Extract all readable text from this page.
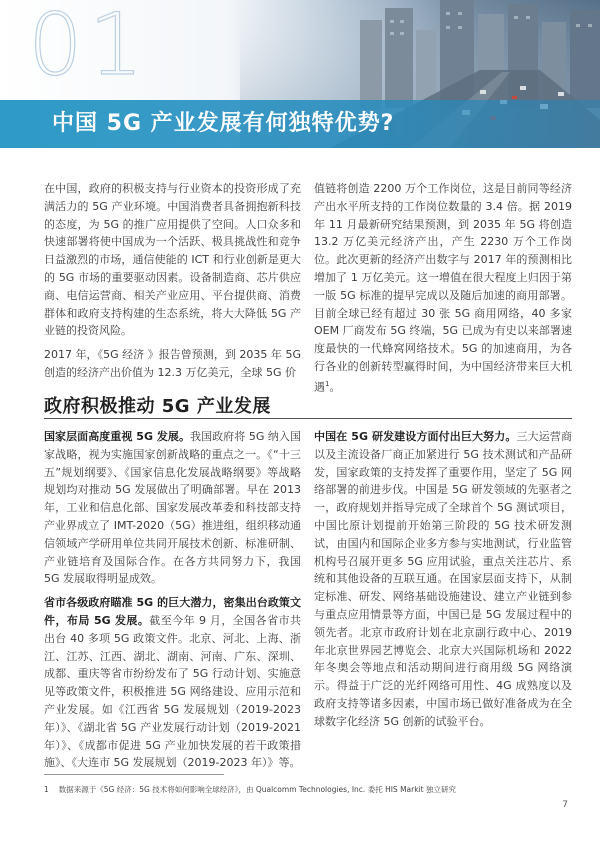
01
中国 5G 产业发展有何独特优势?

在中国，政府的积极支持与行业资本的投资形成了充满活力的 5G 产业环境。中国消费者具备拥抱新科技的态度，为 5G 的推广应用提供了空间。人口众多和快速部署将使中国成为一个活跃、极具挑战性和竞争日益激烈的市场，通信使能的 ICT 和行业创新是更大的 5G 市场的重要驱动因素。设备制造商、芯片供应商、电信运营商、相关产业应用、平台提供商、消费群体和政府支持构建的生态系统，将大大降低 5G 产业链的投资风险。

2017 年，《5G 经济 》报告曾预测，到 2035 年 5G 创造的经济产出价值为 12.3 万亿美元，全球 5G 价

值链将创造 2200 万个工作岗位，这是目前同等经济产出水平所支持的工作岗位数量的 3.4 倍。据 2019 年 11 月最新研究结果预测，到 2035 年 5G 将创造 13.2 万亿美元经济产出，产生 2230 万个工作岗位。此次更新的经济产出数字与 2017 年的预测相比增加了 1 万亿美元。这一增值在很大程度上归因于第一版 5G 标准的提早完成以及随后加速的商用部署。目前全球已经有超过 30 张 5G 商用网络，40 多家 OEM 厂商发布 5G 终端，5G 已成为有史以来部署速度最快的一代蜂窝网络技术。5G 的加速商用，为各行各业的创新转型赢得时间，为中国经济带来巨大机遇$^1$。

政府积极推动 5G 产业发展

国家层面高度重视 5G 发展。我国政府将 5G 纳入国家战略，视为实施国家创新战略的重点之一。《“十三五”规划纲要》、《国家信息化发展战略纲要》等战略规划均对推动 5G 发展做出了明确部署。早在 2013 年，工业和信息化部、国家发展改革委和科技部支持产业界成立了 IMT-2020（5G）推进组，组织移动通信领域产学研用单位共同开展技术创新、标准研制、产业链培育及国际合作。在各方共同努力下，我国 5G 发展取得明显成效。

省市各级政府瞄准 5G 的巨大潜力，密集出台政策文件，布局 5G 发展。截至今年 9 月，全国各省市共出台 40 多项 5G 政策文件。北京、河北、上海、浙江、江苏、江西、湖北、湖南、河南、广东、深圳、成都、重庆等省市纷纷发布了 5G 行动计划、实施意见等政策文件，积极推进 5G 网络建设、应用示范和产业发展。如《江西省 5G 发展规划（2019-2023 年）》、《湖北省 5G 产业发展行动计划（2019-2021 年）》、《成都市促进 5G 产业加快发展的若干政策措施》、《大连市 5G 发展规划（2019-2023 年）》等。

中国在 5G 研发建设方面付出巨大努力。三大运营商以及主流设备厂商正加紧进行 5G 技术测试和产品研发，国家政策的支持发挥了重要作用，坚定了 5G 网络部署的前进步伐。中国是 5G 研发领域的先驱者之一，政府规划并指导完成了全球首个 5G 测试项目，中国比原计划提前开始第三阶段的 5G 技术研发测试，由国内和国际企业多方参与实地测试，行业监管机构号召展开更多 5G 应用试验，重点关注芯片、系统和其他设备的互联互通。在国家层面支持下，从制定标准、研发、网络基础设施建设、建立产业链到参与重点应用情景等方面，中国已是 5G 发展过程中的领先者。北京市政府计划在北京副行政中心、2019 年北京世界园艺博览会、北京大兴国际机场和 2022 年冬奥会等地点和活动期间进行商用级 5G 网络演示。得益于广泛的光纤网络可用性、4G 成熟度以及政府支持等诸多因素，中国市场已做好准备成为在全球数字化经济 5G 创新的试验平台。

1 数据来源于《5G 经济：5G 技术将如何影响全球经济》，由 Qualcomm Technologies, Inc. 委托 HIS Markit 独立研究
7
